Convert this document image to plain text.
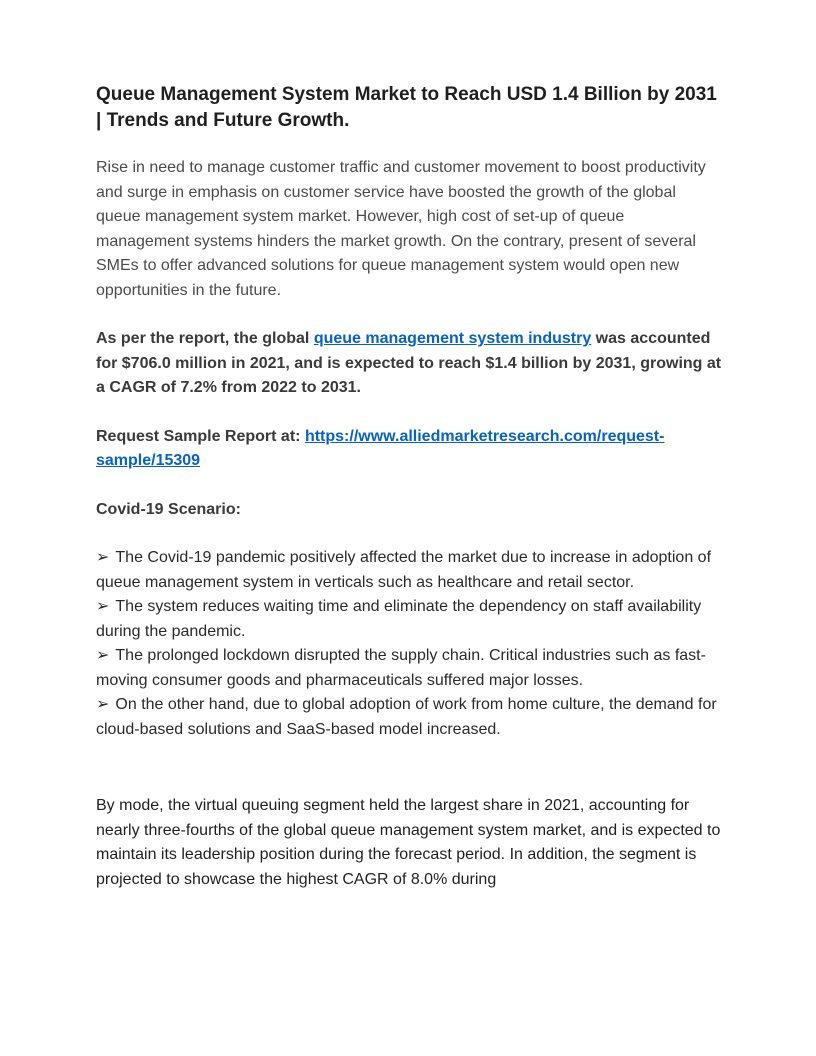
Queue Management System Market to Reach USD 1.4 Billion by 2031 | Trends and Future Growth.

Rise in need to manage customer traffic and customer movement to boost productivity and surge in emphasis on customer service have boosted the growth of the global queue management system market. However, high cost of set-up of queue management systems hinders the market growth. On the contrary, present of several SMEs to offer advanced solutions for queue management system would open new opportunities in the future.

As per the report, the global queue management system industry was accounted for $706.0 million in 2021, and is expected to reach $1.4 billion by 2031, growing at a CAGR of 7.2% from 2022 to 2031.

Request Sample Report at: https://www.alliedmarketresearch.com/request-sample/15309

Covid-19 Scenario:

➢ The Covid-19 pandemic positively affected the market due to increase in adoption of queue management system in verticals such as healthcare and retail sector.

➢ The system reduces waiting time and eliminate the dependency on staff availability during the pandemic.

➢ The prolonged lockdown disrupted the supply chain. Critical industries such as fast-moving consumer goods and pharmaceuticals suffered major losses.

➢ On the other hand, due to global adoption of work from home culture, the demand for cloud-based solutions and SaaS-based model increased.

By mode, the virtual queuing segment held the largest share in 2021, accounting for nearly three-fourths of the global queue management system market, and is expected to maintain its leadership position during the forecast period. In addition, the segment is projected to showcase the highest CAGR of 8.0% during
